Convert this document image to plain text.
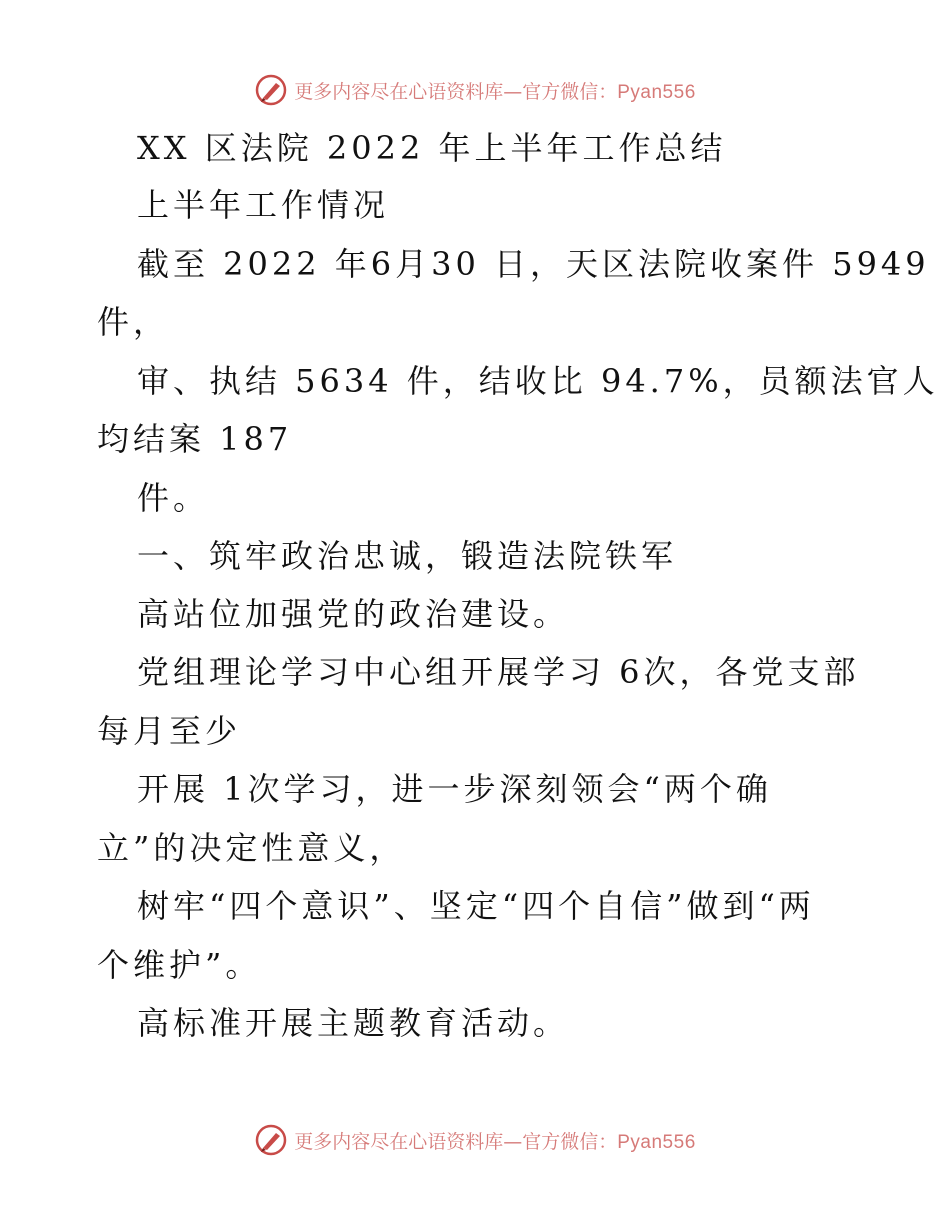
更多内容尽在心语资料库—官方微信：Pyan556
XX 区法院 2022 年上半年工作总结
上半年工作情况
截至 2022 年6月30 日，天区法院收案件 5949
件，
审、执结 5634 件，结收比 94.7%，员额法官人
均结案 187
件。
一、筑牢政治忠诚，锻造法院铁军
高站位加强党的政治建设。
党组理论学习中心组开展学习 6次，各党支部
每月至少
开展 1次学习，进一步深刻领会“两个确
立”的决定性意义，
树牢“四个意识”、坚定“四个自信”做到“两
个维护”。
高标准开展主题教育活动。
更多内容尽在心语资料库—官方微信：Pyan556
